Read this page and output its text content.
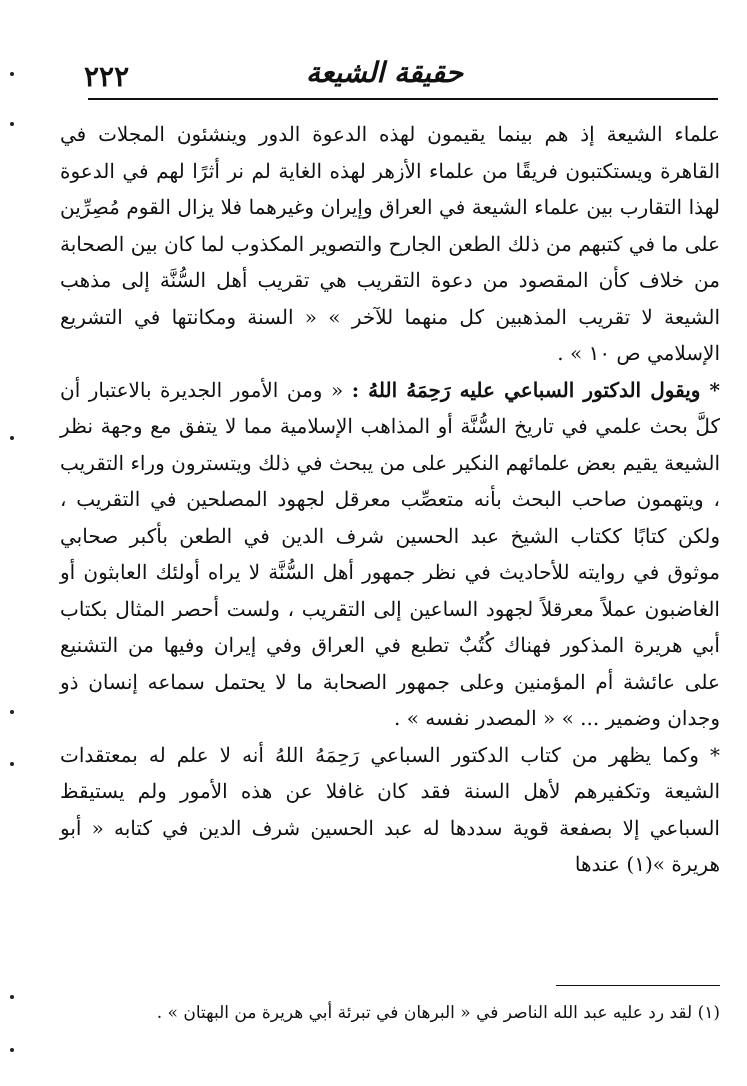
٢٢٢	حقيقة الشيعة

علماء الشيعة إذ هم بينما يقيمون لهذه الدعوة الدور وينشئون المجلات في القاهرة ويستكتبون فريقًا من علماء الأزهر لهذه الغاية لم نر أثرًا لهم في الدعوة لهذا التقارب بين علماء الشيعة في العراق وإيران وغيرهما فلا يزال القوم مُصِرِّين على ما في كتبهم من ذلك الطعن الجارح والتصوير المكذوب لما كان بين الصحابة من خلاف كأن المقصود من دعوة التقريب هي تقريب أهل السُّنَّة إلى مذهب الشيعة لا تقريب المذهبين كل منهما للآخر » « السنة ومكانتها في التشريع الإسلامي ص ١٠ » .

* ويقول الدكتور السباعي عليه رَحِمَهُ اللهُ : « ومن الأمور الجديرة بالاعتبار أن كلَّ بحث علمي في تاريخ السُّنَّة أو المذاهب الإسلامية مما لا يتفق مع وجهة نظر الشيعة يقيم بعض علمائهم النكير على من يبحث في ذلك ويتسترون وراء التقريب ، ويتهمون صاحب البحث بأنه متعصِّب معرقل لجهود المصلحين في التقريب ، ولكن كتابًا ككتاب الشيخ عبد الحسين شرف الدين في الطعن بأكبر صحابي موثوق في روايته للأحاديث في نظر جمهور أهل السُّنَّة لا يراه أولئك العابثون أو الغاضبون عملاً معرقلاً لجهود الساعين إلى التقريب ، ولست أحصر المثال بكتاب أبي هريرة المذكور فهناك كُتُبٌ تطبع في العراق وفي إيران وفيها من التشنيع على عائشة أم المؤمنين وعلى جمهور الصحابة ما لا يحتمل سماعه إنسان ذو وجدان وضمير ... » « المصدر نفسه » .

* وكما يظهر من كتاب الدكتور السباعي رَحِمَهُ اللهُ أنه لا علم له بمعتقدات الشيعة وتكفيرهم لأهل السنة فقد كان غافلا عن هذه الأمور ولم يستيقظ السباعي إلا بصفعة قوية سددها له عبد الحسين شرف الدين في كتابه « أبو هريرة »(١) عندها

(١) لقد رد عليه عبد الله الناصر في « البرهان في تبرئة أبي هريرة من البهتان » .
